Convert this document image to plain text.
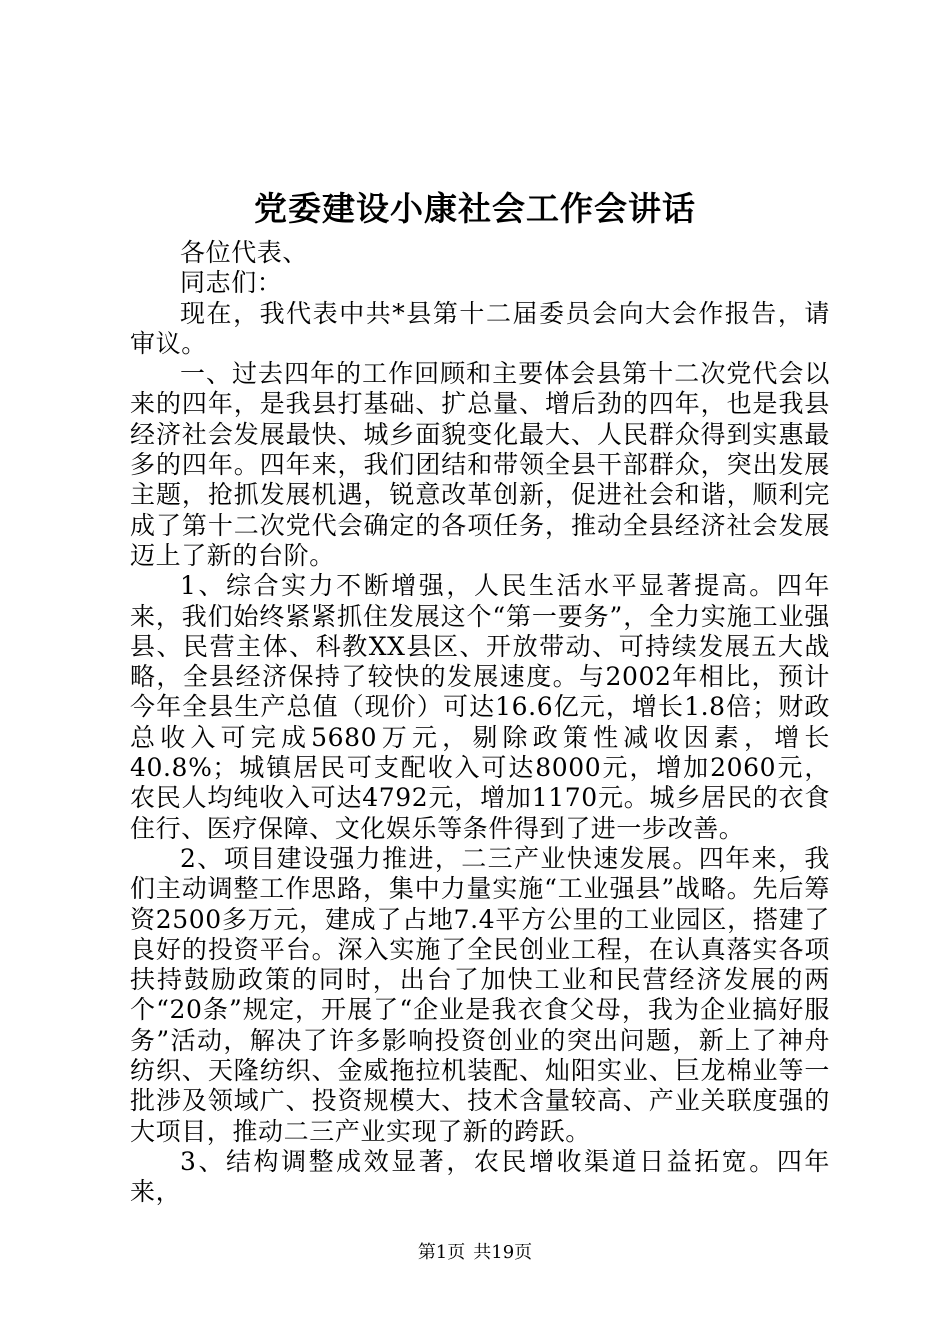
党委建设小康社会工作会讲话

各位代表、

同志们：

现在，我代表中共*县第十二届委员会向大会作报告，请审议。

一、过去四年的工作回顾和主要体会县第十二次党代会以来的四年，是我县打基础、扩总量、增后劲的四年，也是我县经济社会发展最快、城乡面貌变化最大、人民群众得到实惠最多的四年。四年来，我们团结和带领全县干部群众，突出发展主题，抢抓发展机遇，锐意改革创新，促进社会和谐，顺利完成了第十二次党代会确定的各项任务，推动全县经济社会发展迈上了新的台阶。

1、综合实力不断增强，人民生活水平显著提高。四年来，我们始终紧紧抓住发展这个“第一要务”，全力实施工业强县、民营主体、科教XX县区、开放带动、可持续发展五大战略，全县经济保持了较快的发展速度。与2002年相比，预计今年全县生产总值（现价）可达16.6亿元，增长1.8倍；财政总收入可完成5680万元，剔除政策性减收因素，增长40.8%；城镇居民可支配收入可达8000元，增加2060元，农民人均纯收入可达4792元，增加1170元。城乡居民的衣食住行、医疗保障、文化娱乐等条件得到了进一步改善。

2、项目建设强力推进，二三产业快速发展。四年来，我们主动调整工作思路，集中力量实施“工业强县”战略。先后筹资2500多万元，建成了占地7.4平方公里的工业园区，搭建了良好的投资平台。深入实施了全民创业工程，在认真落实各项扶持鼓励政策的同时，出台了加快工业和民营经济发展的两个“20条”规定，开展了“企业是我衣食父母，我为企业搞好服务”活动，解决了许多影响投资创业的突出问题，新上了神舟纺织、天隆纺织、金威拖拉机装配、灿阳实业、巨龙棉业等一批涉及领域广、投资规模大、技术含量较高、产业关联度强的大项目，推动二三产业实现了新的跨跃。

3、结构调整成效显著，农民增收渠道日益拓宽。四年来，

第1页 共19页
